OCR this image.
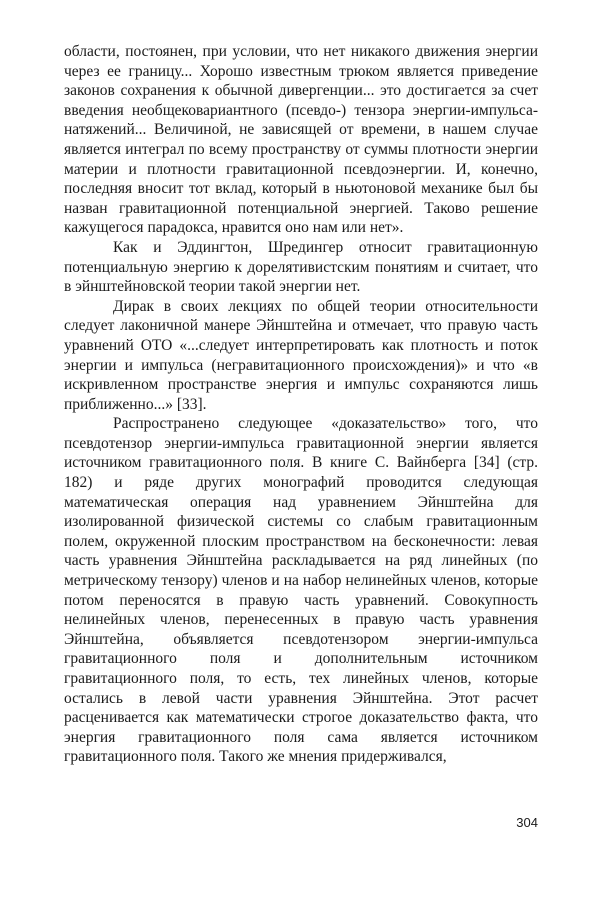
области, постоянен, при условии, что нет никакого движения энергии через ее границу... Хорошо известным трюком является приведение законов сохранения к обычной дивергенции... это достигается за счет введения необщековариантного (псевдо-) тензора энергии-импульса-натяжений... Величиной, не зависящей от времени, в нашем случае является интеграл по всему пространству от суммы плотности энергии материи и плотности гравитационной псевдоэнергии. И, конечно, последняя вносит тот вклад, который в ньютоновой механике был бы назван гравитационной потенциальной энергией. Таково решение кажущегося парадокса, нравится оно нам или нет».

Как и Эддингтон, Шредингер относит гравитационную потенциальную энергию к дорелятивистским понятиям и считает, что в эйнштейновской теории такой энергии нет.

Дирак в своих лекциях по общей теории относительности следует лаконичной манере Эйнштейна и отмечает, что правую часть уравнений ОТО «...следует интерпретировать как плотность и поток энергии и импульса (негравитационного происхождения)» и что «в искривленном пространстве энергия и импульс сохраняются лишь приближенно...» [33].

Распространено следующее «доказательство» того, что псевдотензор энергии-импульса гравитационной энергии является источником гравитационного поля. В книге С. Вайнберга [34] (стр. 182) и ряде других монографий проводится следующая математическая операция над уравнением Эйнштейна для изолированной физической системы со слабым гравитационным полем, окруженной плоским пространством на бесконечности: левая часть уравнения Эйнштейна раскладывается на ряд линейных (по метрическому тензору) членов и на набор нелинейных членов, которые потом переносятся в правую часть уравнений. Совокупность нелинейных членов, перенесенных в правую часть уравнения Эйнштейна, объявляется псевдотензором энергии-импульса гравитационного поля и дополнительным источником гравитационного поля, то есть, тех линейных членов, которые остались в левой части уравнения Эйнштейна. Этот расчет расценивается как математически строгое доказательство факта, что энергия гравитационного поля сама является источником гравитационного поля. Такого же мнения придерживался,

304
